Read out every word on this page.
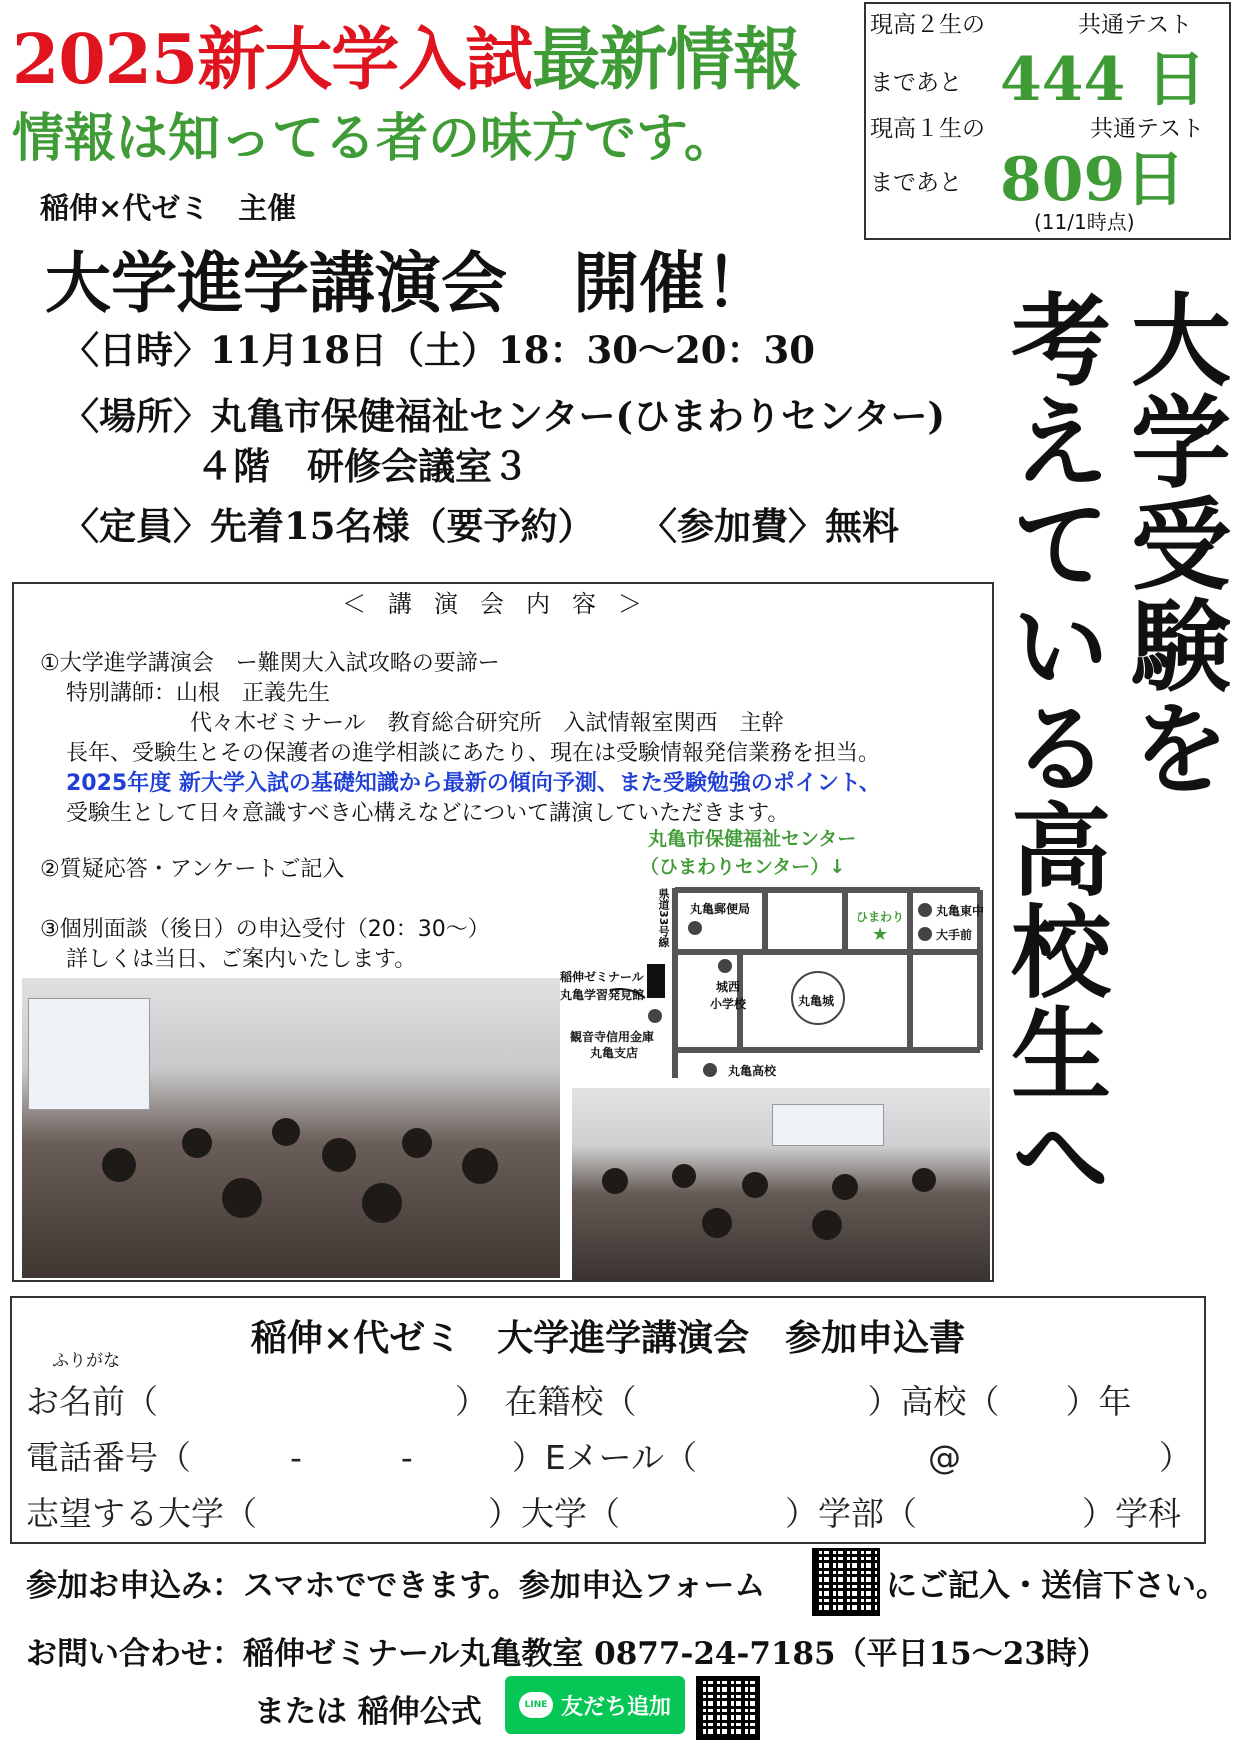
2025新大学入試最新情報
情報は知ってる者の味方です。
現高２生の	共通テスト
まであと 444 日
現高１生の	共通テスト
まであと 809日
(11/1時点)
稲伸×代ゼミ　主催
大学進学講演会　開催！
〈日時〉11月18日（土）18：30～20：30
〈場所〉丸亀市保健福祉センター(ひまわりセンター)
４階　研修会議室３
〈定員〉先着15名様（要予約） 〈参加費〉無料 大学受験を
考えている高校生へ
＜講演会内容＞
①大学進学講演会　ー難関大入試攻略の要諦ー
特別講師：山根　正義先生
代々木ゼミナール　教育総合研究所　入試情報室関西　主幹
長年、受験生とその保護者の進学相談にあたり、現在は受験情報発信業務を担当。
2025年度 新大学入試の基礎知識から最新の傾向予測、また受験勉強のポイント、
受験生として日々意識すべき心構えなどについて講演していただきます。
②質疑応答・アンケートご記入
③個別面談（後日）の申込受付（20：30～）
詳しくは当日、ご案内いたします。
丸亀市保健福祉センター
（ひまわりセンター）↓
県道33号線 丸亀郵便局
ひまわり
★
丸亀東中
大手前
稲伸ゼミナール
丸亀学習発見館
城西
小学校	丸亀城
観音寺信用金庫
丸亀支店
丸亀高校
稲伸×代ゼミ　大学進学講演会　参加申込書
ふりがな
お名前（　　　　　　　　　）　在籍校（　　　　　　　）高校（　　）年
電話番号（　　　-　　　-　　　）Eメール（　　　　　　　@　　　　　　）
志望する大学（　　　　　　　）大学（　　　　　）学部（　　　　　）学科
参加お申込み：スマホでできます。参加申込フォーム	にご記入・送信下さい。
お問い合わせ：稲伸ゼミナール丸亀教室 0877-24-7185（平日15～23時）
または 稲伸公式	LINE 友だち追加
